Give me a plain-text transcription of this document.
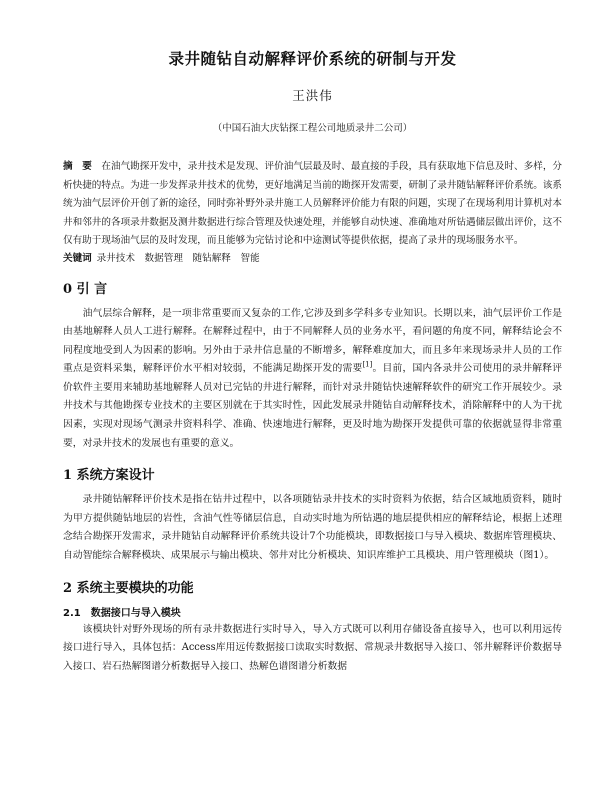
录井随钻自动解释评价系统的研制与开发
王洪伟
（中国石油大庆钻探工程公司地质录井二公司）

摘　要  在油气勘探开发中，录井技术是发现、评价油气层最及时、最直接的手段，具有获取地下信息及时、多样，分析快捷的特点。为进一步发挥录井技术的优势，更好地满足当前的勘探开发需要，研制了录井随钻解释评价系统。该系统为油气层评价开创了新的途径，同时弥补野外录井施工人员解释评价能力有限的问题，实现了在现场利用计算机对本井和邻井的各项录井数据及测井数据进行综合管理及快速处理，并能够自动快速、准确地对所钻遇储层做出评价，这不仅有助于现场油气层的及时发现，而且能够为完钻讨论和中途测试等提供依据，提高了录井的现场服务水平。

关键词  录井技术　数据管理　随钻解释　智能

0 引 言

油气层综合解释，是一项非常重要而又复杂的工作,它涉及到多学科多专业知识。长期以来，油气层评价工作是由基地解释人员人工进行解释。在解释过程中，由于不同解释人员的业务水平，看问题的角度不同，解释结论会不同程度地受到人为因素的影响。另外由于录井信息量的不断增多，解释难度加大，而且多年来现场录井人员的工作重点是资料采集，解释评价水平相对较弱，不能满足勘探开发的需要[1]。目前，国内各录井公司使用的录井解释评价软件主要用来辅助基地解释人员对已完钻的井进行解释，而针对录井随钻快速解释软件的研究工作开展较少。录井技术与其他勘探专业技术的主要区别就在于其实时性，因此发展录井随钻自动解释技术，消除解释中的人为干扰因素，实现对现场气测录井资料科学、准确、快速地进行解释，更及时地为勘探开发提供可靠的依据就显得非常重要，对录井技术的发展也有重要的意义。

1 系统方案设计

录井随钻解释评价技术是指在钻井过程中，以各项随钻录井技术的实时资料为依据，结合区域地质资料，随时为甲方提供随钻地层的岩性，含油气性等储层信息，自动实时地为所钻遇的地层提供相应的解释结论，根据上述理念结合勘探开发需求，录井随钻自动解释评价系统共设计7个功能模块，即数据接口与导入模块、数据库管理模块、自动智能综合解释模块、成果展示与输出模块、邻井对比分析模块、知识库维护工具模块、用户管理模块（图1）。

2 系统主要模块的功能
2.1　数据接口与导入模块

该模块针对野外现场的所有录井数据进行实时导入，导入方式既可以利用存储设备直接导入，也可以利用远传接口进行导入，具体包括：Access库用远传数据接口读取实时数据、常规录井数据导入接口、邻井解释评价数据导入接口、岩石热解图谱分析数据导入接口、热解色谱图谱分析数据
